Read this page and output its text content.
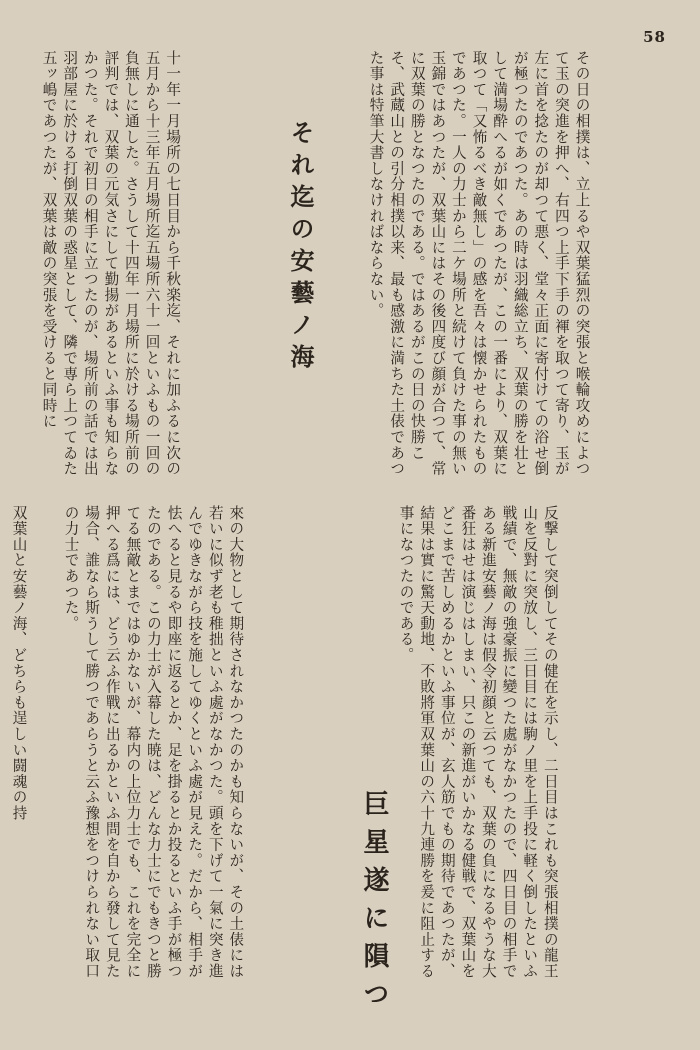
58

その日の相撲は、立上るや双葉猛烈の突張と喉輪攻めによつて玉の突進を押へ、右四つ上手下手の褌を取つて寄り、玉が左に首を捻たのが却つて悪く、堂々正面に寄付けての浴せ倒が極つたのであつた。あの時は羽織総立ち、双葉の勝を壮として満場酔へるが如くであつたが、この一番により、双葉に取つて「又怖るべき敵無し」の感を吾々は懐かせられたものであつた。一人の力士から二ケ場所と続けて負けた事の無い玉錦ではあつたが、双葉山にはその後四度び顔が合つて、常に双葉の勝となつたのである。ではあるがこの日の快勝こそ、武蔵山との引分相撲以来、最も感激に満ちた土俵であつた事は特筆大書しなければならない。

それ迄の安藝ノ海

十一年一月場所の七日目から千秋楽迄、それに加ふるに次の五月から十三年五月場所迄五場所六十一回といふもの一回の負無しに通した。さうして十四年一月場所に於ける場所前の評判では、双葉の元気さにして勤揚があるといふ事も知らなかつた。それで初日の相手に立つたのが、場所前の話では出羽部屋に於ける打倒双葉の惑星として、隣で専ら上つてゐた五ッ嶋であつたが、双葉は敵の突張を受けると同時に

反撃して突倒してその健在を示し、二日目はこれも突張相撲の龍王山を反對に突放し、三日目には駒ノ里を上手投に軽く倒したといふ戦績で、無敵の強豪振に變つた處がなかつたので、四日目の相手である新進安藝ノ海は假令初顔と云つても、双葉の負になるやうな大番狂はせは演じはしまい、只この新進がいかなる健戦で、双葉山をどこまで苦しめるかといふ事位が、玄人筋でもの期待であつたが、結果は實に驚天動地、不敗將軍双葉山の六十九連勝を爰に阻止する事になつたのである。

來の大物として期待されなかつたのかも知らないが、その土俵には若いに似ず老も稚拙といふ處がなかつた。頭を下げて一氣に突き進んでゆきながら技を施してゆくといふ處が見えた。だから、相手が怯へると見るや即座に返るとか、足を掛るとか投るといふ手が極つたのである。この力士が入幕した暁は、どんな力士にでもきつと勝てる無敵とまではゆかないが、幕内の上位力士でも、これを完全に押へる爲には、どう云ふ作戰に出るかといふ問を自から發して見た場合、誰なら斯うして勝つであらうと云ふ豫想をつけられない取口の力士であつた。

巨星遂に隕つ

双葉山と安藝ノ海、どちらも逞しい闘魂の持
